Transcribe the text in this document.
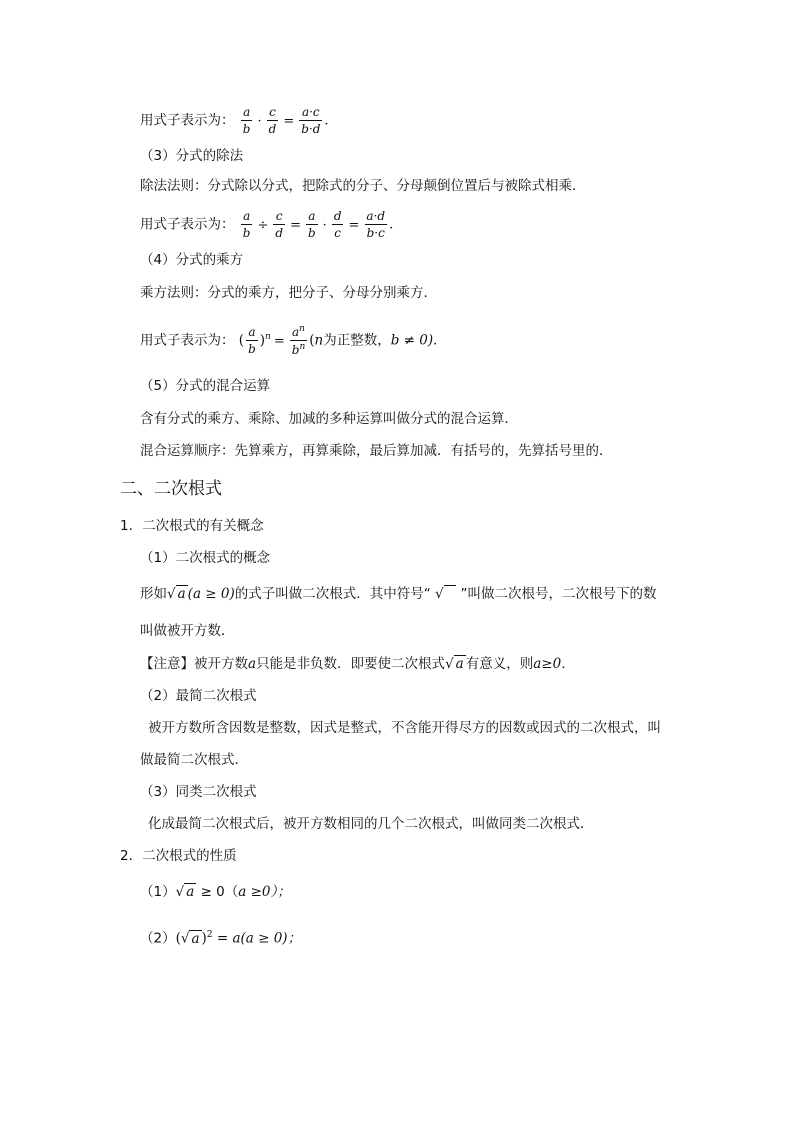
用式子表示为： $\frac{a}{b} \cdot \frac{c}{d} = \frac{a\cdot c}{b\cdot d}$ ．
（3）分式的除法
除法法则：分式除以分式，把除式的分子、分母颠倒位置后与被除式相乘．
用式子表示为： $\frac{a}{b} \div \frac{c}{d} = \frac{a}{b} \cdot \frac{d}{c} = \frac{a\cdot d}{b\cdot c}$ ．
（4）分式的乘方
乘方法则：分式的乘方，把分子、分母分别乘方．
用式子表示为： ( $\frac{a}{b} )^n = \frac{a^n}{b^n} (n$为正整数，b ≠ 0)．
（5）分式的混合运算
含有分式的乘方、乘除、加减的多种运算叫做分式的混合运算．
混合运算顺序：先算乘方，再算乘除，最后算加减．有括号的，先算括号里的．
二、二次根式
1．二次根式的有关概念
（1）二次根式的概念
形如√ a (a ≥ 0)的式子叫做二次根式．其中符号“ √ ”叫做二次根号，二次根号下的数
叫做被开方数．
【注意】被开方数a只能是非负数．即要使二次根式√ a 有意义，则a≥0．
（2）最简二次根式
被开方数所含因数是整数，因式是整式，不含能开得尽方的因数或因式的二次根式，叫
做最简二次根式．
（3）同类二次根式
化成最简二次根式后，被开方数相同的几个二次根式，叫做同类二次根式．
2．二次根式的性质
（1）√ a ≥ 0（a ≥0）；
（2）(√ a )$^2$ = a(a ≥ 0)；
